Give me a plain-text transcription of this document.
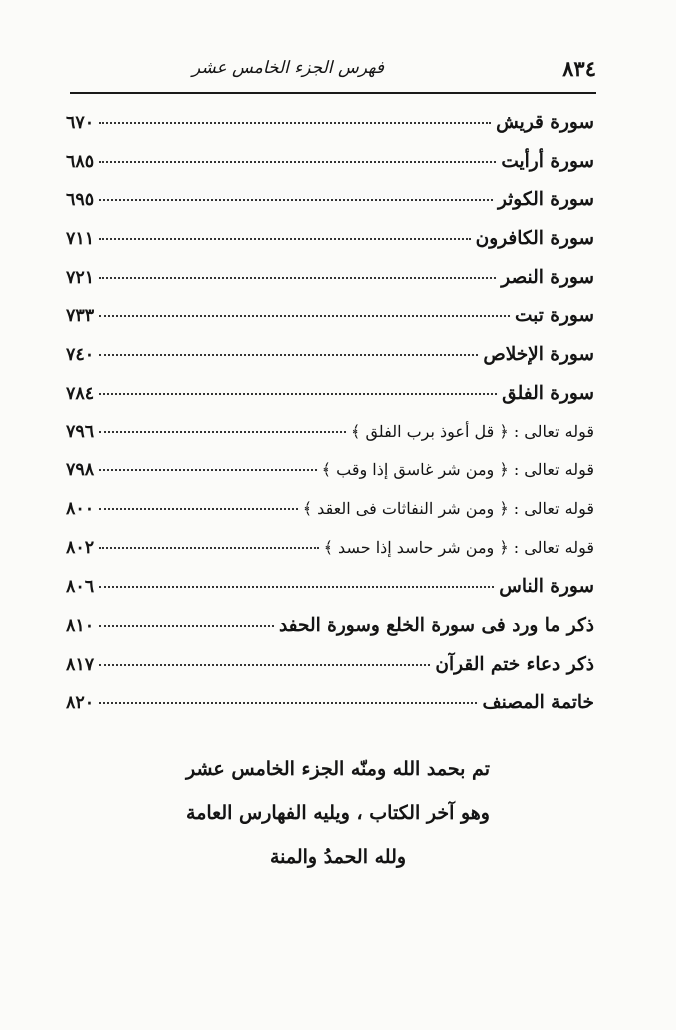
٨٣٤
فهرس الجزء الخامس عشر
سورة قريش
٦٧٠
سورة أرأيت
٦٨٥
سورة الكوثر
٦٩٥
سورة الكافرون
٧١١
سورة النصر
٧٢١
سورة تبت
٧٣٣
سورة الإخلاص
٧٤٠
سورة الفلق
٧٨٤
قوله تعالى : ﴿ قل أعوذ برب الفلق ﴾
٧٩٦
قوله تعالى : ﴿ ومن شر غاسق إذا وقب ﴾
٧٩٨
قوله تعالى : ﴿ ومن شر النفاثات فى العقد ﴾
٨٠٠
قوله تعالى : ﴿ ومن شر حاسد إذا حسد ﴾
٨٠٢
سورة الناس
٨٠٦
ذكر ما ورد فى سورة الخلع وسورة الحفد
٨١٠
ذكر دعاء ختم القرآن
٨١٧
خاتمة المصنف
٨٢٠
تم بحمد الله ومنّه الجزء الخامس عشر
وهو آخر الكتاب ، ويليه الفهارس العامة
ولله الحمدُ والمنة
